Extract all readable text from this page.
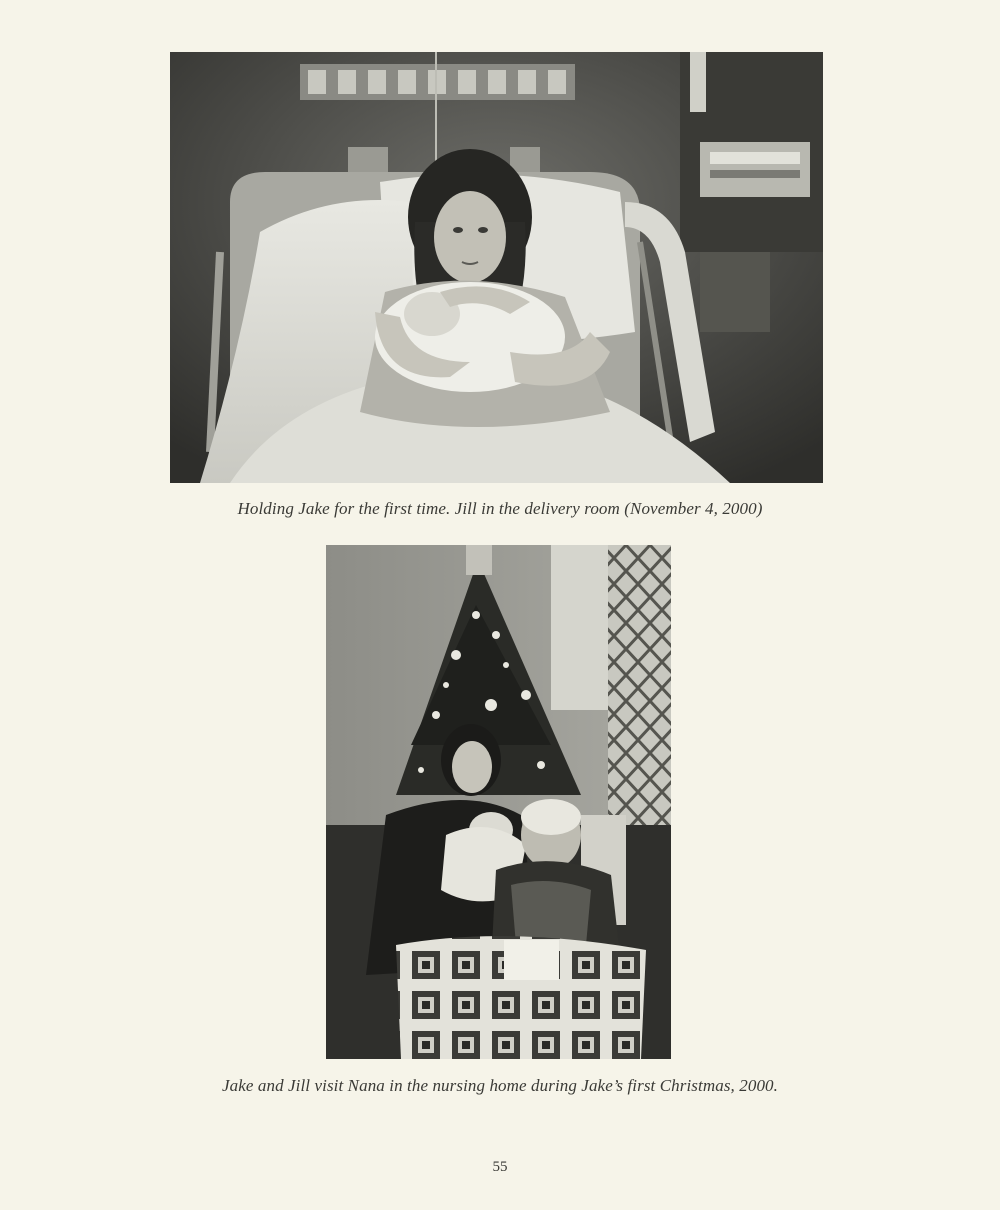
Holding Jake for the first time. Jill in the delivery room (November 4, 2000)
Jake and Jill visit Nana in the nursing home during Jake’s first Christmas, 2000.
55
